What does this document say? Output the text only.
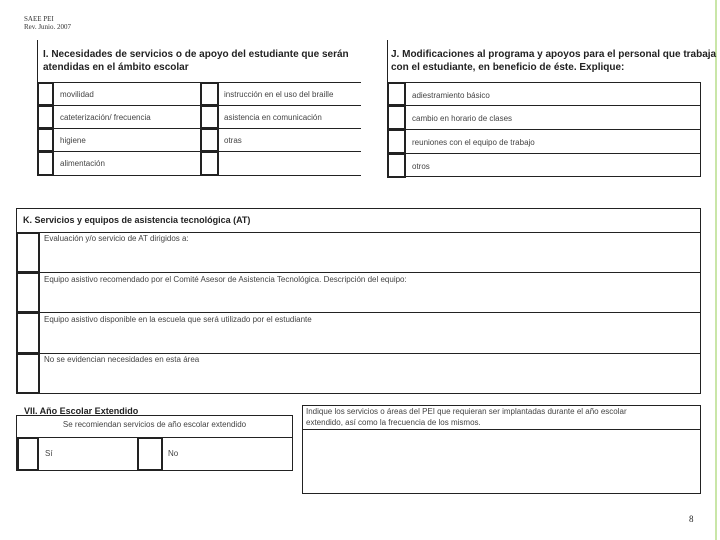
SAEE PEI
Rev. Junio. 2007
I. Necesidades de servicios o de apoyo del estudiante que serán
atendidas en el ámbito escolar
movilidad
cateterización/ frecuencia
higiene
alimentación
instrucción en el uso del braille
asistencia en comunicación
otras
J. Modificaciones al programa y apoyos para el personal que trabaja
con el estudiante, en beneficio de éste. Explique:
adiestramiento básico
cambio en horario de clases
reuniones con el equipo de trabajo
otros
K. Servicios y equipos de asistencia tecnológica (AT)
Evaluación y/o servicio de AT dirigidos a:
Equipo asistivo recomendado por el Comité Asesor de Asistencia Tecnológica. Descripción del equipo:
Equipo asistivo disponible en la escuela que será utilizado por el estudiante
No se evidencian necesidades en esta área
VII. Año Escolar Extendido
Se recomiendan servicios de año escolar extendido
Sí	No
Indique los servicios o áreas del PEI que requieran ser implantadas durante el año escolar
extendido, así como la frecuencia de los mismos.
8
